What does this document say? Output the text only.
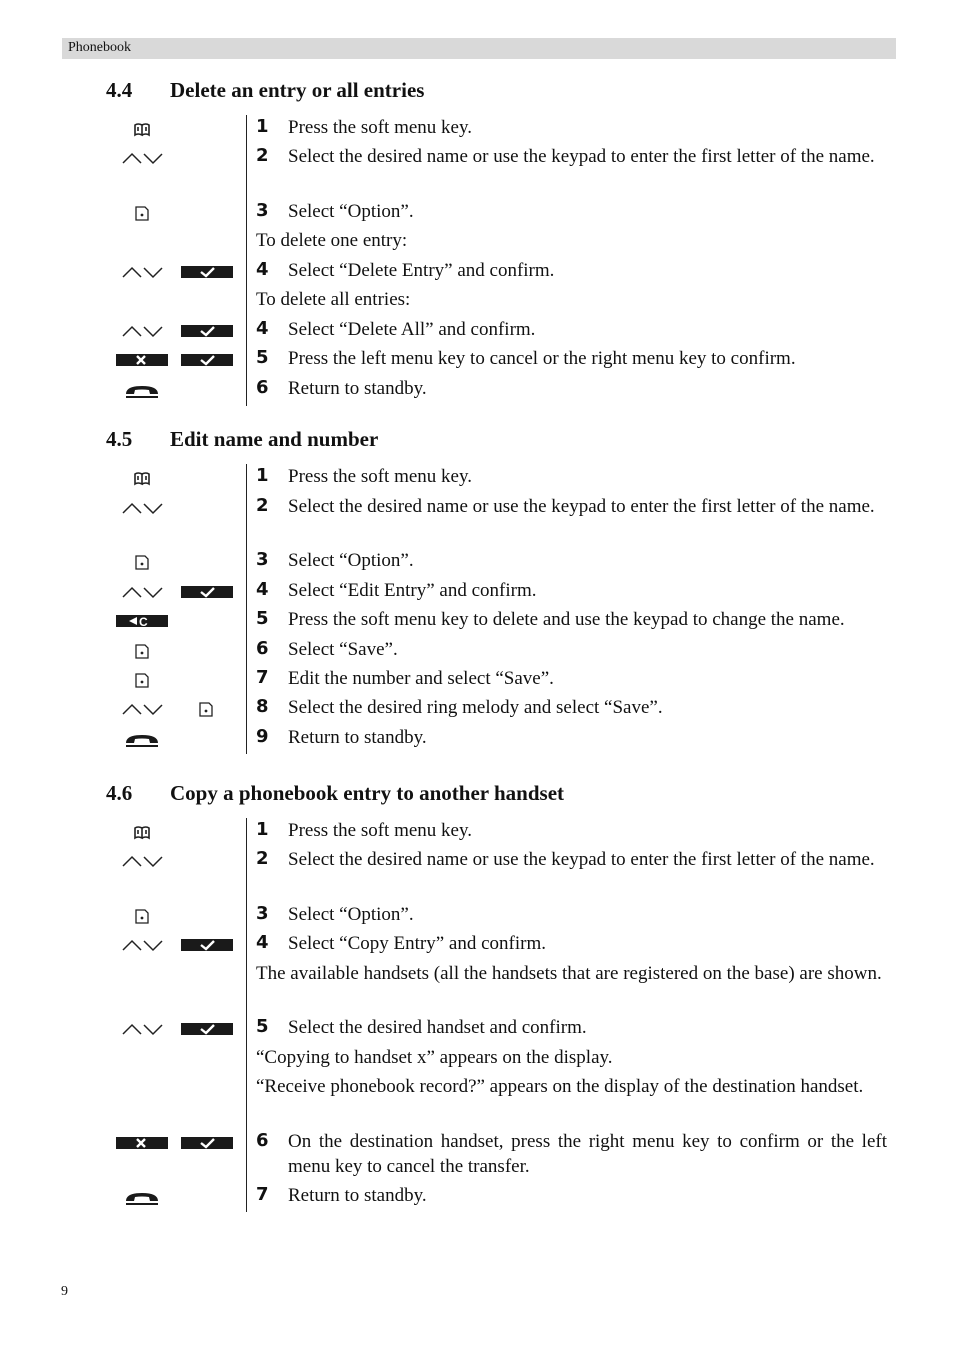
Phonebook
4.4 Delete an entry or all entries
1 Press the soft menu key.
2 Select the desired name or use the keypad to enter the first letter of the name.
3 Select “Option”.
To delete one entry:
4 Select “Delete Entry” and confirm.
To delete all entries:
4 Select “Delete All” and confirm.
5 Press the left menu key to cancel or the right menu key to confirm.
6 Return to standby.
4.5 Edit name and number
1 Press the soft menu key.
2 Select the desired name or use the keypad to enter the first letter of the name.
3 Select “Option”.
4 Select “Edit Entry” and confirm.
5 Press the soft menu key to delete and use the keypad to change the name.
C
6 Select “Save”.
7 Edit the number and select “Save”.
8 Select the desired ring melody and select “Save”.
9 Return to standby.
4.6 Copy a phonebook entry to another handset
1 Press the soft menu key.
2 Select the desired name or use the keypad to enter the first letter of the name.
3 Select “Option”.
4 Select “Copy Entry” and confirm.
The available handsets (all the handsets that are registered on the base) are shown.
5 Select the desired handset and confirm.
“Copying to handset x” appears on the display.
“Receive phonebook record?” appears on the display of the destination handset.
6 On the destination handset, press the right menu key to confirm or the left menu key to cancel the transfer.
7 Return to standby.
9
